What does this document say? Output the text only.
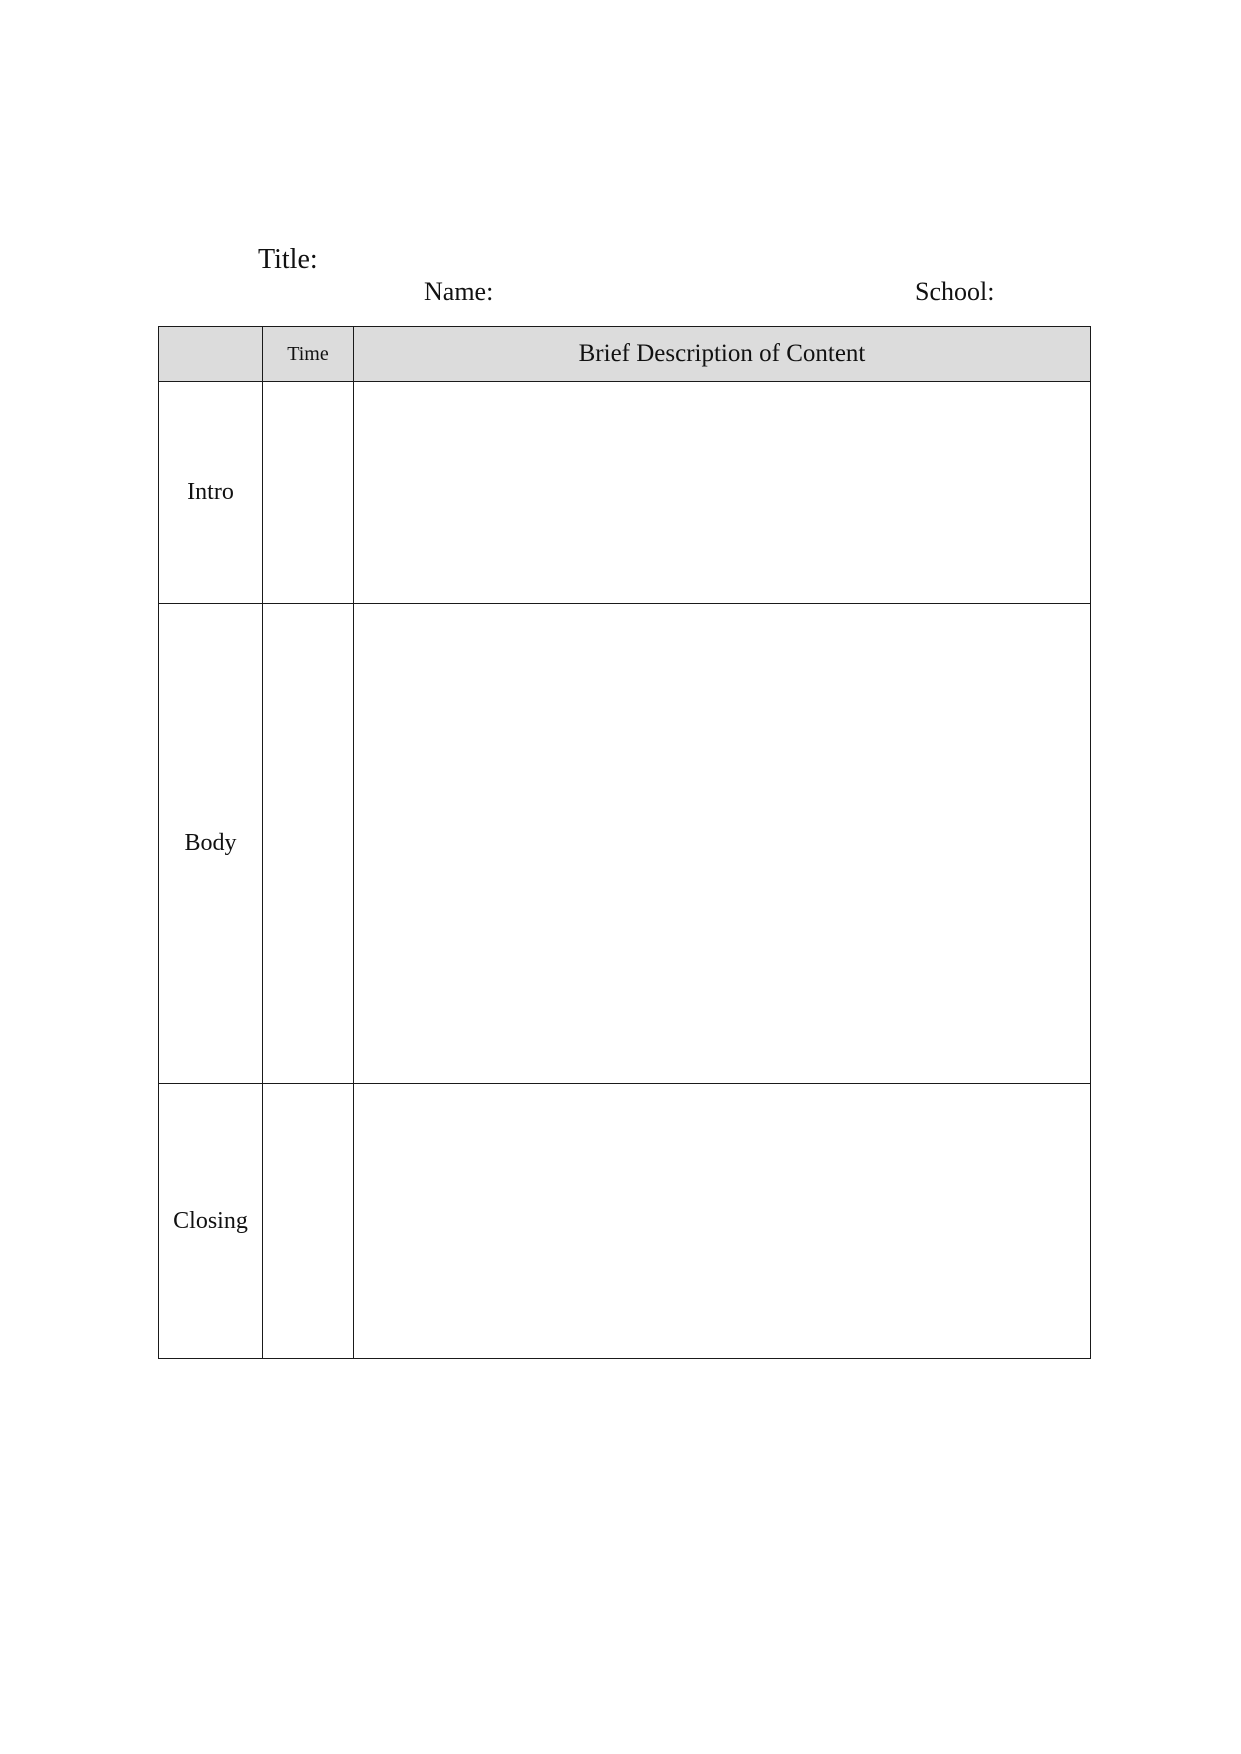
Title:
Name:	School:
	Time	Brief Description of Content
Intro		
Body		
Closing		
